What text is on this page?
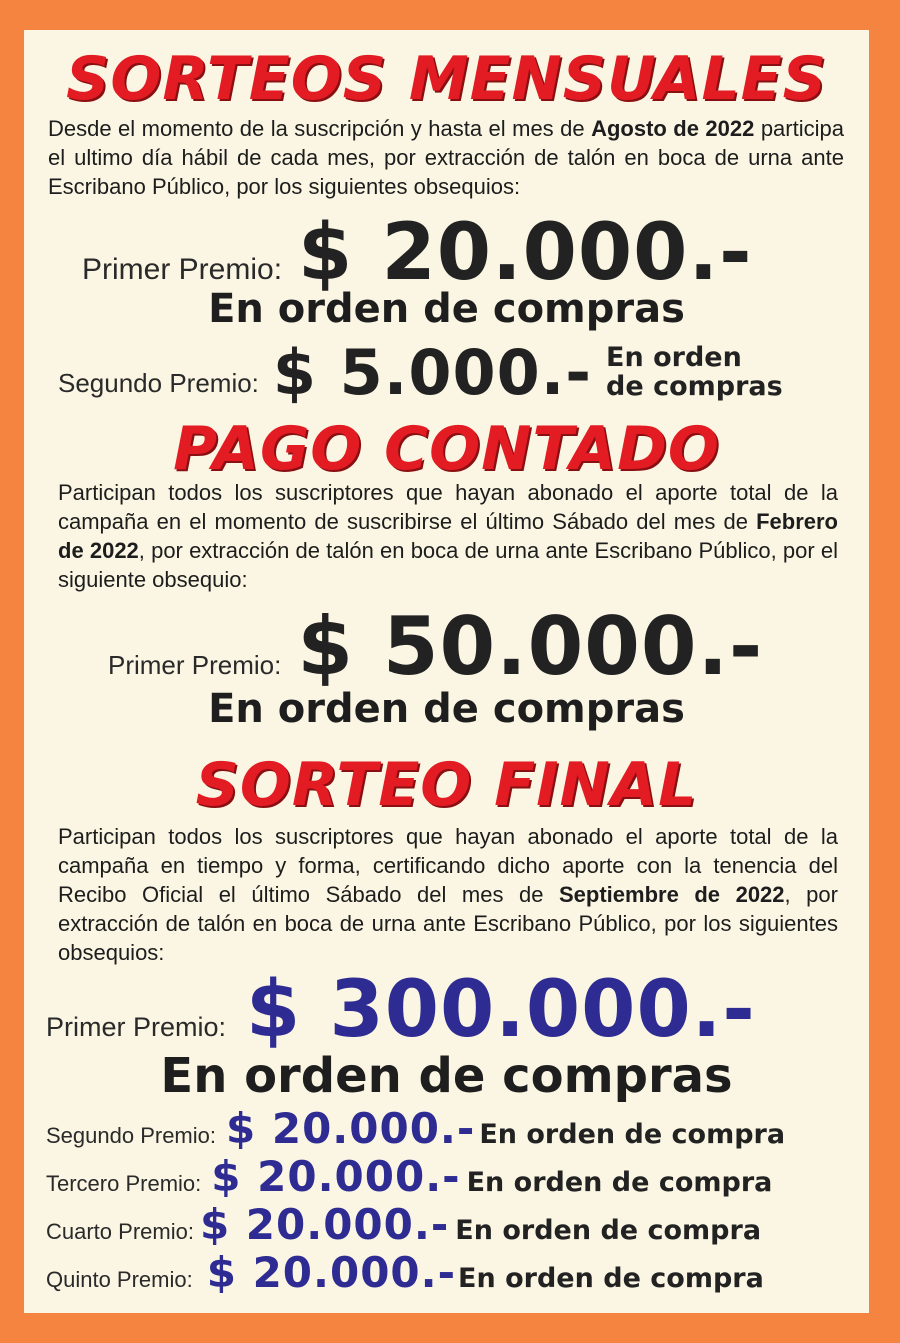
SORTEOS MENSUALES
Desde el momento de la suscripción y hasta el mes de Agosto de 2022 participa el ultimo día hábil de cada mes, por extracción de talón en boca de urna ante Escribano Público, por los siguientes obsequios:
Primer Premio: $ 20.000.-
En orden de compras
Segundo Premio: $ 5.000.- En orden
de compras
PAGO CONTADO
Participan todos los suscriptores que hayan abonado el aporte total de la campaña en el momento de suscribirse el último Sábado del mes de Febrero de 2022, por extracción de talón en boca de urna ante Escribano Público, por el siguiente obsequio:
Primer Premio: $ 50.000.-
En orden de compras
SORTEO FINAL
Participan todos los suscriptores que hayan abonado el aporte total de la campaña en tiempo y forma, certificando dicho aporte con la tenencia del Recibo Oficial el último Sábado del mes de Septiembre de 2022, por extracción de talón en boca de urna ante Escribano Público, por los siguientes obsequios:
Primer Premio: $ 300.000.-
En orden de compras
Segundo Premio: $ 20.000.- En orden de compra
Tercero Premio: $ 20.000.- En orden de compra
Cuarto Premio: $ 20.000.- En orden de compra
Quinto Premio: $ 20.000.- En orden de compra
